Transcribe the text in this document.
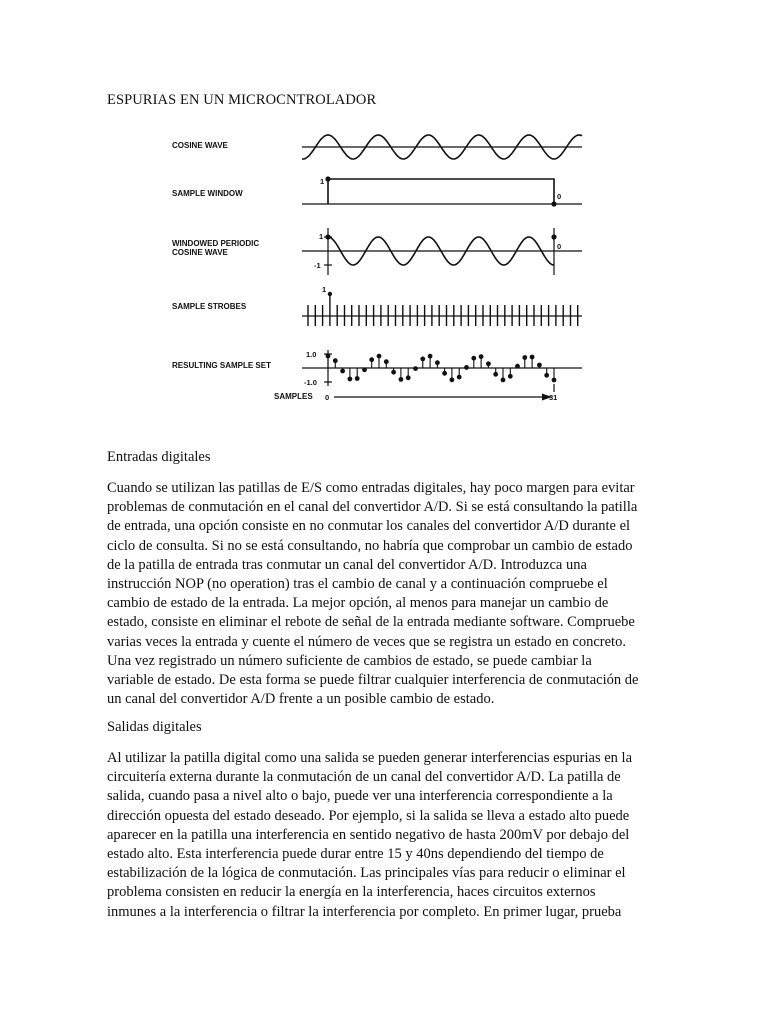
ESPURIAS EN UN MICROCNTROLADOR
COSINE WAVE
SAMPLE WINDOW
WINDOWED PERIODIC
COSINE WAVE
SAMPLE STROBES
RESULTING SAMPLE SET
SAMPLES
1
0
1
-1
0
1
1.0
-1.0
0	31
Entradas digitales

Cuando se utilizan las patillas de E/S como entradas digitales, hay poco margen para evitar
problemas de conmutación en el canal del convertidor A/D. Si se está consultando la patilla
de entrada, una opción consiste en no conmutar los canales del convertidor A/D durante el
ciclo de consulta. Si no se está consultando, no habría que comprobar un cambio de estado
de la patilla de entrada tras conmutar un canal del convertidor A/D. Introduzca una
instrucción NOP (no operation) tras el cambio de canal y a continuación compruebe el
cambio de estado de la entrada. La mejor opción, al menos para manejar un cambio de
estado, consiste en eliminar el rebote de señal de la entrada mediante software. Compruebe
varias veces la entrada y cuente el número de veces que se registra un estado en concreto.
Una vez registrado un número suficiente de cambios de estado, se puede cambiar la
variable de estado. De esta forma se puede filtrar cualquier interferencia de conmutación de
un canal del convertidor A/D frente a un posible cambio de estado.

Salidas digitales

Al utilizar la patilla digital como una salida se pueden generar interferencias espurias en la
circuitería externa durante la conmutación de un canal del convertidor A/D. La patilla de
salida, cuando pasa a nivel alto o bajo, puede ver una interferencia correspondiente a la
dirección opuesta del estado deseado. Por ejemplo, si la salida se lleva a estado alto puede
aparecer en la patilla una interferencia en sentido negativo de hasta 200mV por debajo del
estado alto. Esta interferencia puede durar entre 15 y 40ns dependiendo del tiempo de
estabilización de la lógica de conmutación. Las principales vías para reducir o eliminar el
problema consisten en reducir la energía en la interferencia, haces circuitos externos
inmunes a la interferencia o filtrar la interferencia por completo. En primer lugar, prueba
